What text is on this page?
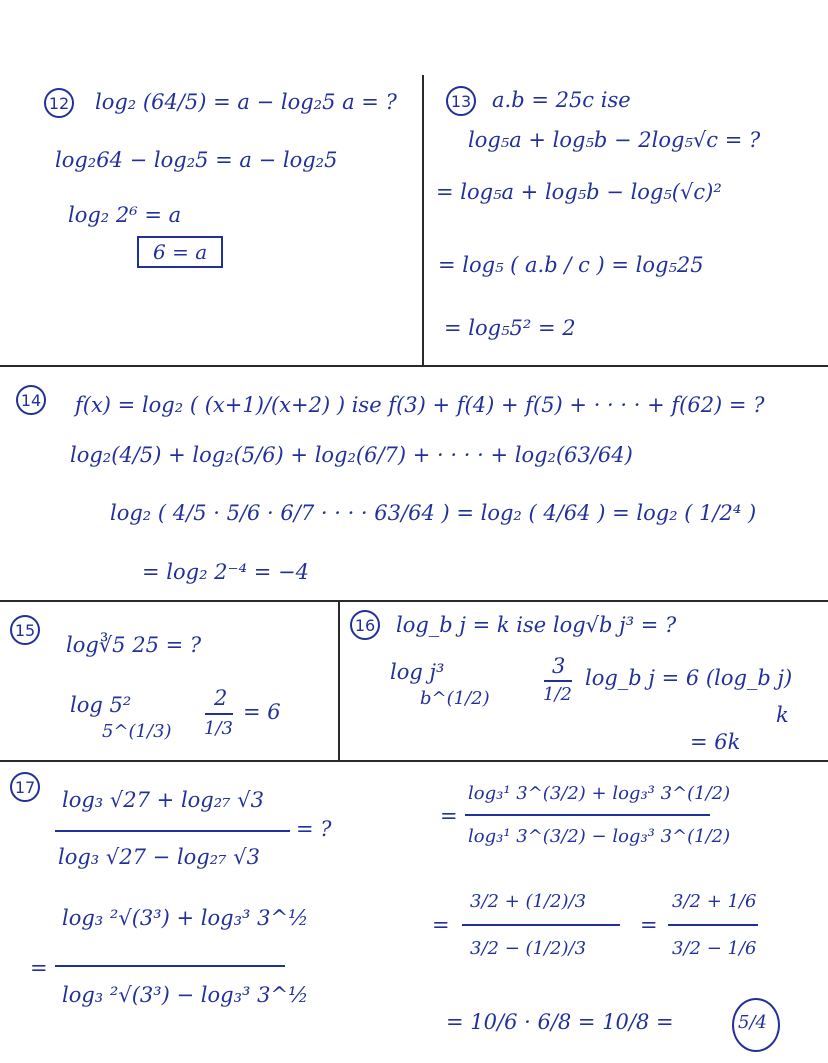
12 log₂ (64/5) = a − log₂5 a = ?
log₂64 − log₂5 = a − log₂5
log₂ 2⁶ = a
6 = a
13 a.b = 25c ise
log₅a + log₅b − 2log₅√c = ?
= log₅a + log₅b − log₅(√c)²
= log₅ ( a.b / c ) = log₅25
= log₅5² = 2
14 f(x) = log₂ ( (x+1)/(x+2) ) ise f(3) + f(4) + f(5) + · · · · + f(62) = ?
log₂(4/5) + log₂(5/6) + log₂(6/7) + · · · · + log₂(63/64)
log₂ ( 4/5 · 5/6 · 6/7 · · · · 63/64 ) = log₂ ( 4/64 ) = log₂ ( 1/2⁴ )
= log₂ 2⁻⁴ = −4
15
log∛5 25 = ?
log 5²
5^(1/3)
2
1/3
= 6
16 log_b j = k ise log√b j³ = ?
log j³
b^(1/2)
3
1/2
log_b j = 6 (log_b j)
k
= 6k
17
log₃ √27 + log₂₇ √3
log₃ √27 − log₂₇ √3
= ?
log₃ ²√(3³) + log₃³ 3^½
=
log₃ ²√(3³) − log₃³ 3^½
=
log₃¹ 3^(3/2) + log₃³ 3^(1/2)
log₃¹ 3^(3/2) − log₃³ 3^(1/2)
=
3/2 + (1/2)/3
3/2 − (1/2)/3
=
3/2 + 1/6
3/2 − 1/6
= 10/6 · 6/8 = 10/8 =	5/4
